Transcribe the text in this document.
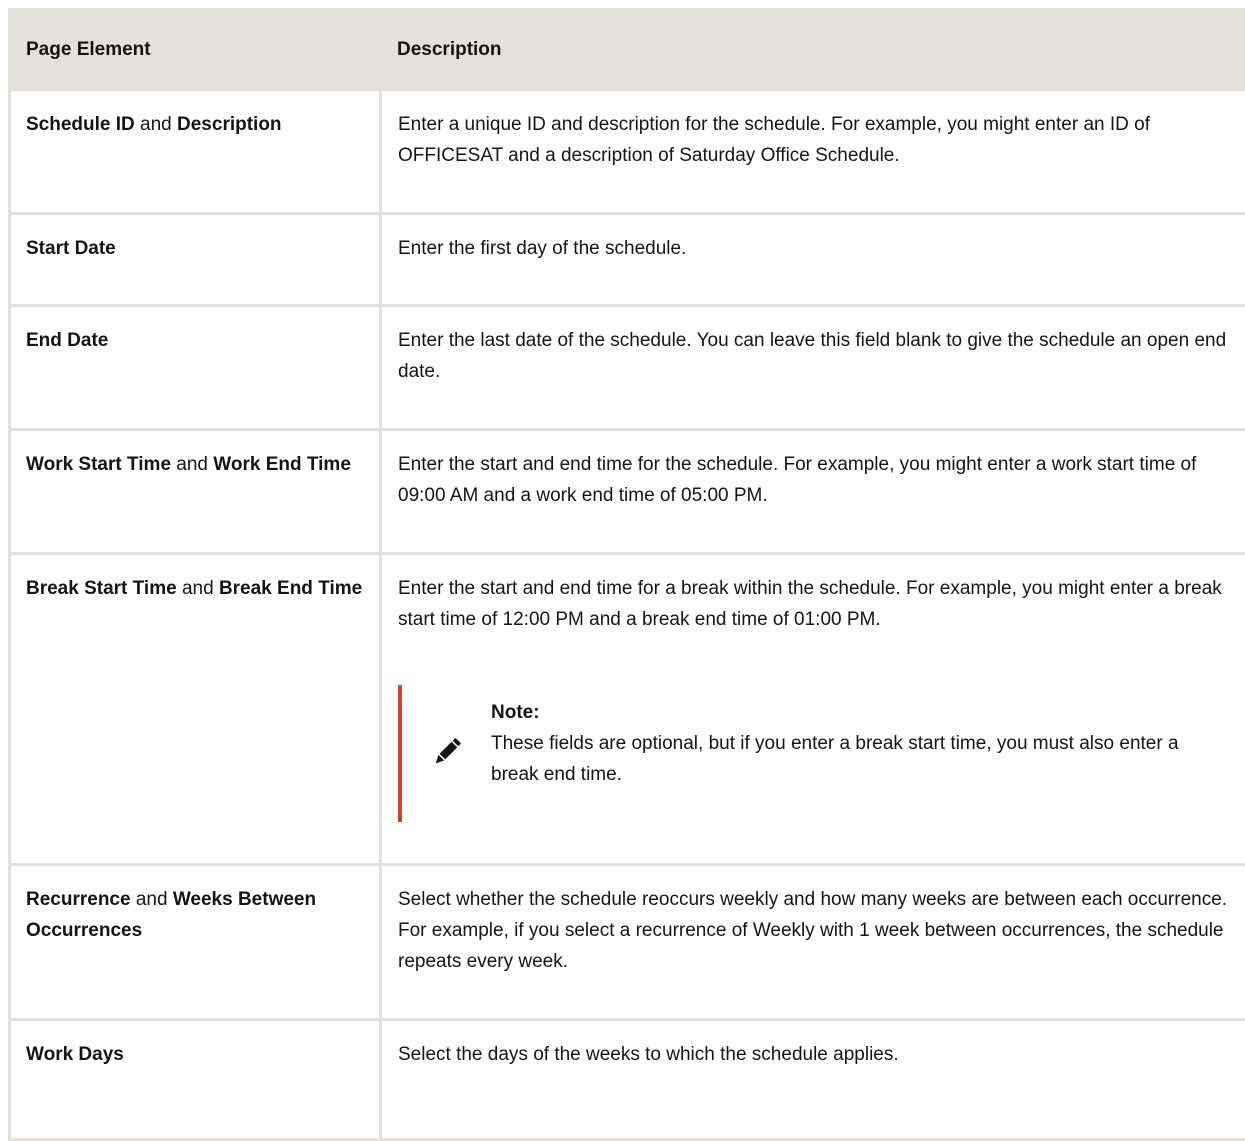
Page Element	Description

Schedule ID and Description	Enter a unique ID and description for the schedule. For example, you might enter an ID of OFFICESAT and a description of Saturday Office Schedule.

Start Date	Enter the first day of the schedule.

End Date	Enter the last date of the schedule. You can leave this field blank to give the schedule an open end date.

Work Start Time and Work End Time	Enter the start and end time for the schedule. For example, you might enter a work start time of 09:00 AM and a work end time of 05:00 PM.

Break Start Time and Break End Time	Enter the start and end time for a break within the schedule. For example, you might enter a break start time of 12:00 PM and a break end time of 01:00 PM.
Note:
These fields are optional, but if you enter a break start time, you must also enter a break end time.

Recurrence and Weeks Between Occurrences	Select whether the schedule reoccurs weekly and how many weeks are between each occurrence. For example, if you select a recurrence of Weekly with 1 week between occurrences, the schedule repeats every week.

Work Days	Select the days of the weeks to which the schedule applies.
